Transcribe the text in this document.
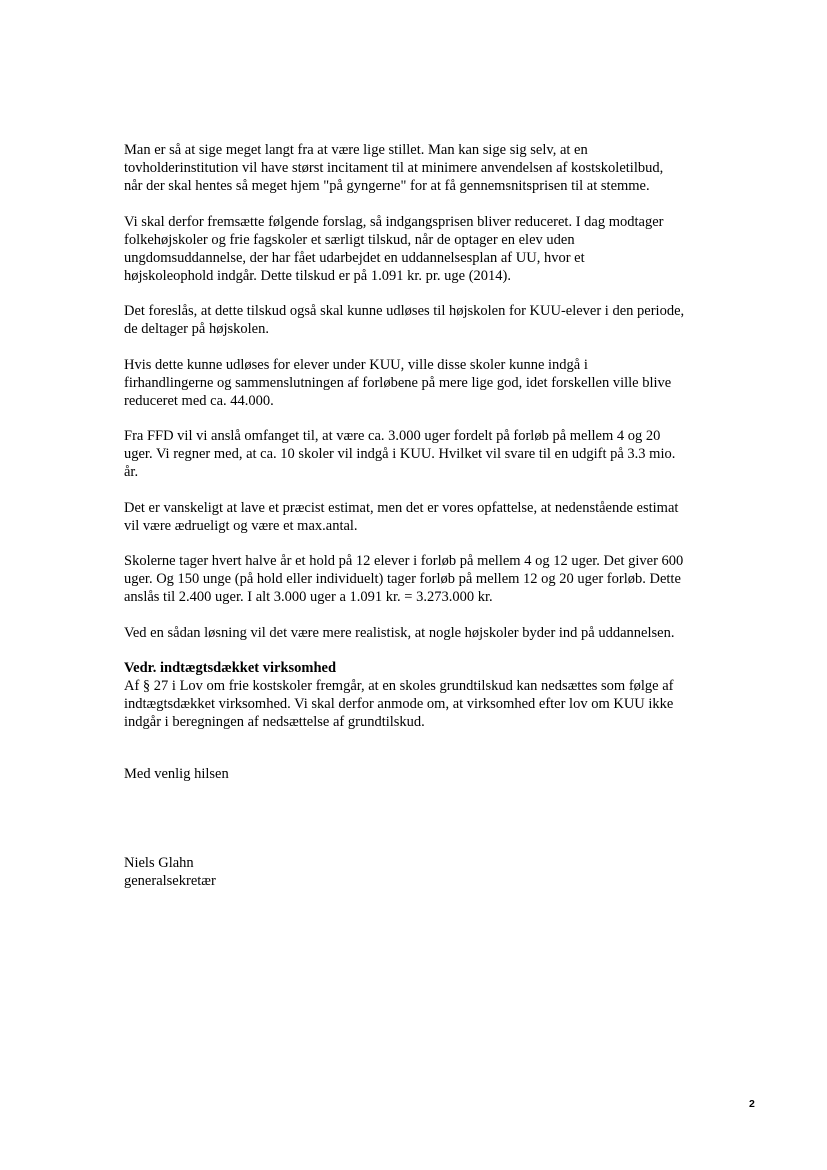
Man er så at sige meget langt fra at være lige stillet. Man kan sige sig selv, at en
tovholderinstitution vil have størst incitament til at minimere anvendelsen af kostskoletilbud,
når der skal hentes så meget hjem "på gyngerne" for at få gennemsnitsprisen til at stemme.

Vi skal derfor fremsætte følgende forslag, så indgangsprisen bliver reduceret. I dag modtager
folkehøjskoler og frie fagskoler et særligt tilskud, når de optager en elev uden
ungdomsuddannelse, der har fået udarbejdet en uddannelsesplan af UU, hvor et
højskoleophold indgår. Dette tilskud er på 1.091 kr. pr. uge (2014).

Det foreslås, at dette tilskud også skal kunne udløses til højskolen for KUU-elever i den periode,
de deltager på højskolen.

Hvis dette kunne udløses for elever under KUU, ville disse skoler kunne indgå i
firhandlingerne og sammenslutningen af forløbene på mere lige god, idet forskellen ville blive
reduceret med ca. 44.000.

Fra FFD vil vi anslå omfanget til, at være ca. 3.000 uger fordelt på forløb på mellem 4 og 20
uger. Vi regner med, at ca. 10 skoler vil indgå i KUU. Hvilket vil svare til en udgift på 3.3 mio.
år.

Det er vanskeligt at lave et præcist estimat, men det er vores opfattelse, at nedenstående estimat
vil være ædrueligt og være et max.antal.

Skolerne tager hvert halve år et hold på 12 elever i forløb på mellem 4 og 12 uger. Det giver 600
uger. Og 150 unge (på hold eller individuelt) tager forløb på mellem 12 og 20 uger forløb. Dette
anslås til 2.400 uger. I alt 3.000 uger a 1.091 kr. = 3.273.000 kr.

Ved en sådan løsning vil det være mere realistisk, at nogle højskoler byder ind på uddannelsen.

Vedr. indtægtsdækket virksomhed
Af § 27 i Lov om frie kostskoler fremgår, at en skoles grundtilskud kan nedsættes som følge af
indtægtsdækket virksomhed. Vi skal derfor anmode om, at virksomhed efter lov om KUU ikke
indgår i beregningen af nedsættelse af grundtilskud.

Med venlig hilsen
Niels Glahn
generalsekretær
2
